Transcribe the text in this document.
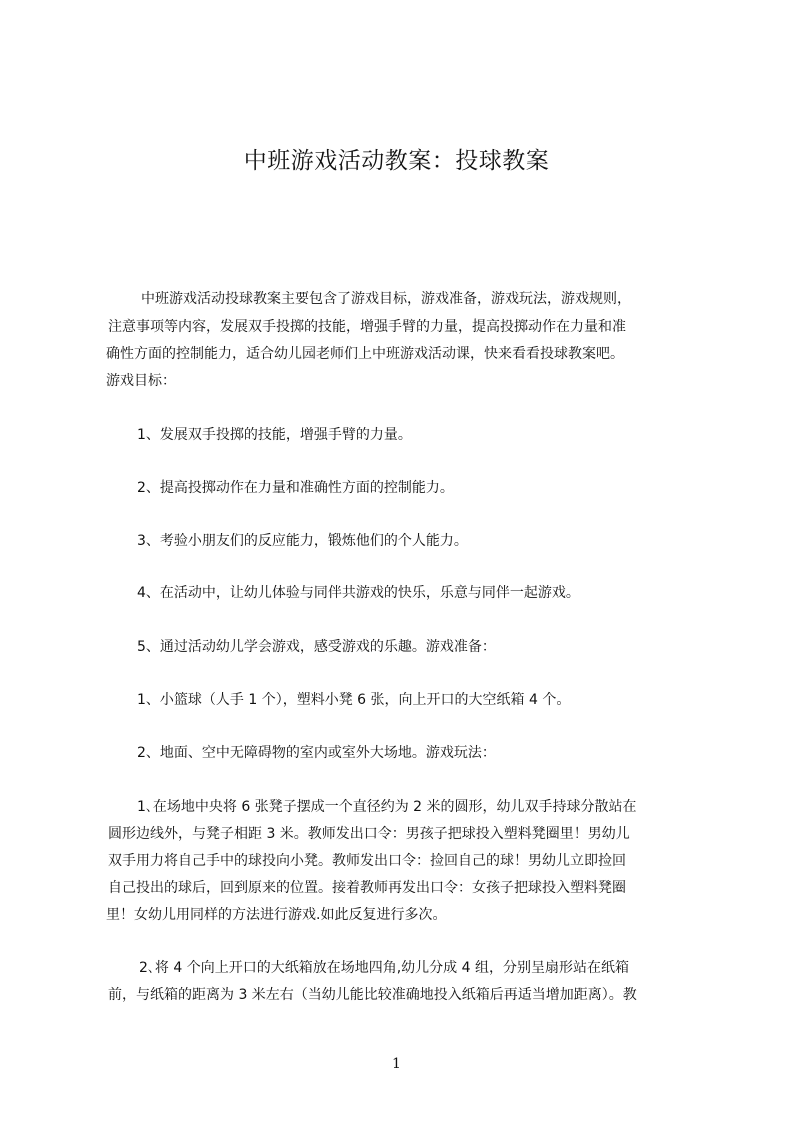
中班游戏活动教案：投球教案
中班游戏活动投球教案主要包含了游戏目标，游戏准备，游戏玩法，游戏规则，
注意事项等内容，发展双手投掷的技能，增强手臂的力量，提高投掷动作在力量和准
确性方面的控制能力，适合幼儿园老师们上中班游戏活动课，快来看看投球教案吧。
游戏目标：
1、发展双手投掷的技能，增强手臂的力量。
2、提高投掷动作在力量和准确性方面的控制能力。
3、考验小朋友们的反应能力，锻炼他们的个人能力。
4、在活动中，让幼儿体验与同伴共游戏的快乐，乐意与同伴一起游戏。
5、通过活动幼儿学会游戏，感受游戏的乐趣。游戏准备：
1、小篮球（人手 1 个），塑料小凳 6 张，向上开口的大空纸箱 4 个。
2、地面、空中无障碍物的室内或室外大场地。游戏玩法：
1､在场地中央将 6 张凳子摆成一个直径约为 2 米的圆形，幼儿双手持球分散站在
圆形边线外，与凳子相距 3 米。教师发出口令：男孩子把球投入塑料凳圈里！男幼儿
双手用力将自己手中的球投向小凳。教师发出口令：捡回自己的球！男幼儿立即捡回
自己投出的球后，回到原来的位置。接着教师再发出口令：女孩子把球投入塑料凳圈
里！女幼儿用同样的方法进行游戏.如此反复进行多次。
2､将 4 个向上开口的大纸箱放在场地四角,幼儿分成 4 组，分别呈扇形站在纸箱
前，与纸箱的距离为 3 米左右（当幼儿能比较准确地投入纸箱后再适当增加距离）。教
1
